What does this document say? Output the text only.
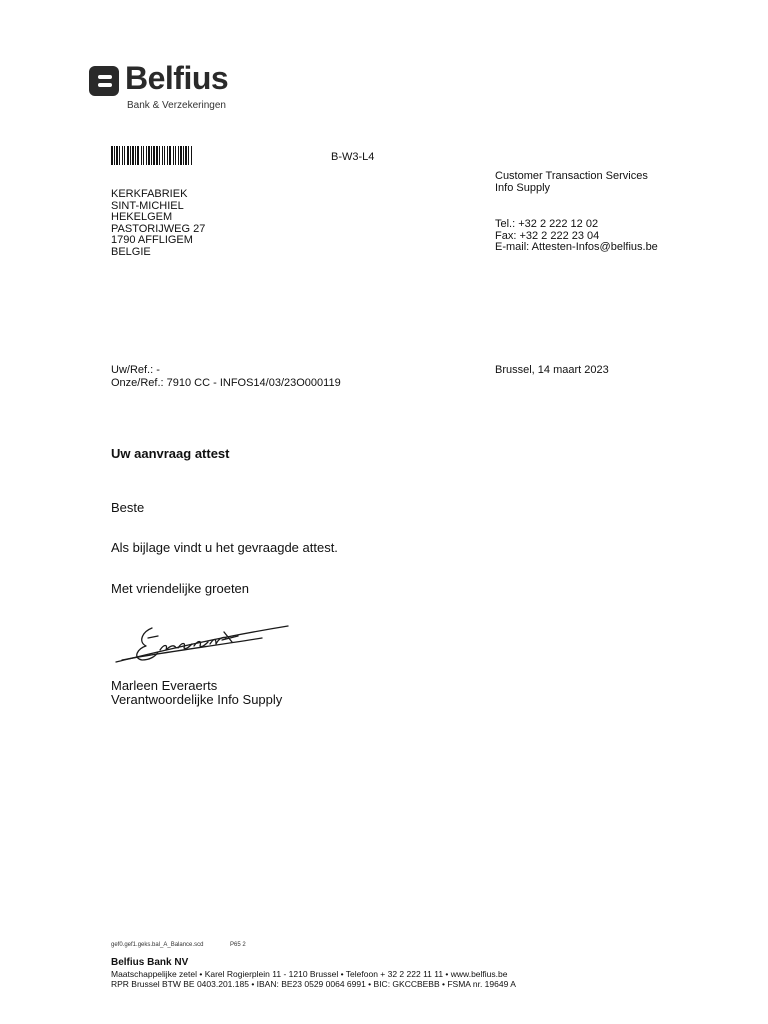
Belfius
Bank & Verzekeringen
B-W3-L4
KERKFABRIEK
SINT-MICHIEL
HEKELGEM
PASTORIJWEG 27
1790 AFFLIGEM
BELGIE
Customer Transaction Services
Info Supply
Tel.: +32 2 222 12 02
Fax: +32 2 222 23 04
E-mail: Attesten-Infos@belfius.be
Uw/Ref.: -
Onze/Ref.: 7910 CC - INFOS14/03/23O000119
Brussel, 14 maart 2023
Uw aanvraag attest
Beste
Als bijlage vindt u het gevraagde attest.
Met vriendelijke groeten
Marleen Everaerts
Verantwoordelijke Info Supply
gef0.gef1.geks.bal_A_Balance.scd	P65 2
Belfius Bank NV
Maatschappelijke zetel • Karel Rogierplein 11 - 1210 Brussel • Telefoon + 32 2 222 11 11 • www.belfius.be
RPR Brussel BTW BE 0403.201.185 • IBAN: BE23 0529 0064 6991 • BIC: GKCCBEBB • FSMA nr. 19649 A
